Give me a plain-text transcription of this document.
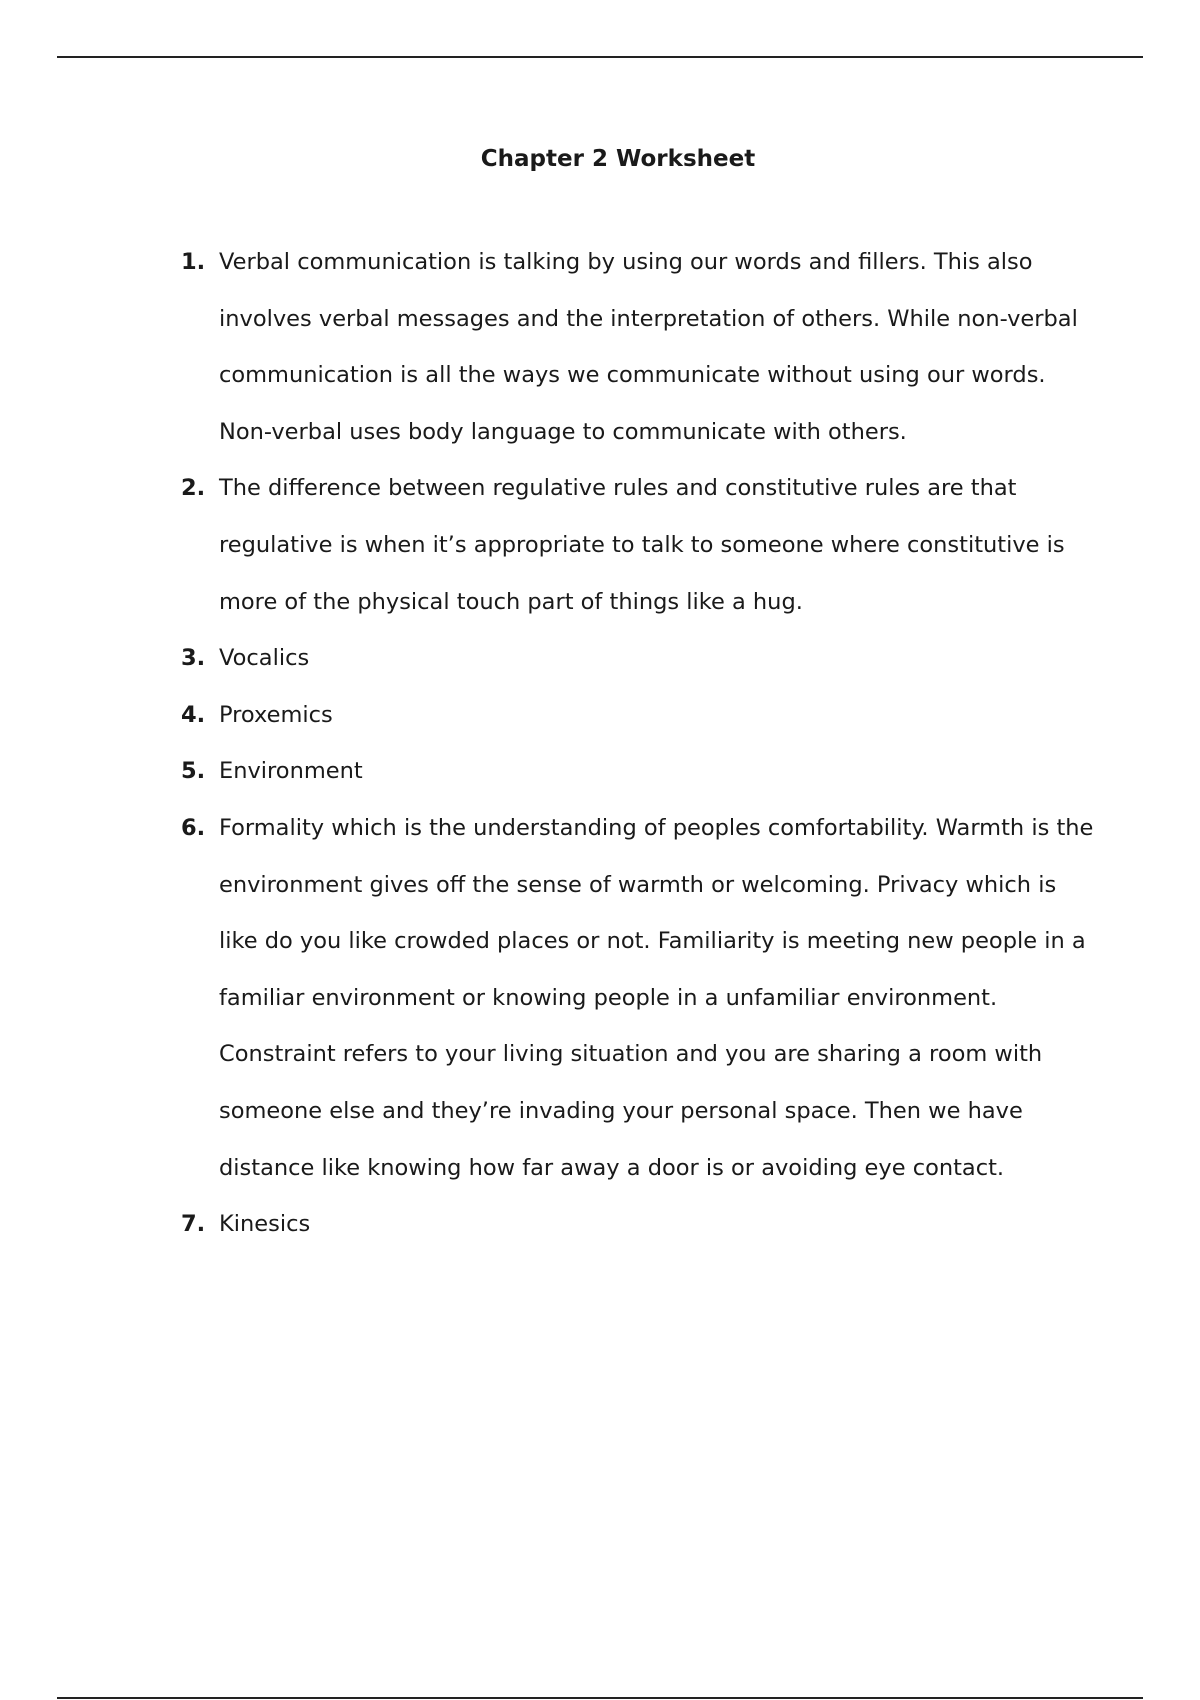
Chapter 2 Worksheet
1. Verbal communication is talking by using our words and fillers. This also involves verbal messages and the interpretation of others. While non-verbal communication is all the ways we communicate without using our words. Non-verbal uses body language to communicate with others.
2. The difference between regulative rules and constitutive rules are that regulative is when it’s appropriate to talk to someone where constitutive is more of the physical touch part of things like a hug.
3. Vocalics
4. Proxemics
5. Environment
6. Formality which is the understanding of peoples comfortability. Warmth is the environment gives off the sense of warmth or welcoming. Privacy which is like do you like crowded places or not. Familiarity is meeting new people in a familiar environment or knowing people in a unfamiliar environment. Constraint refers to your living situation and you are sharing a room with someone else and they’re invading your personal space. Then we have distance like knowing how far away a door is or avoiding eye contact.
7. Kinesics
